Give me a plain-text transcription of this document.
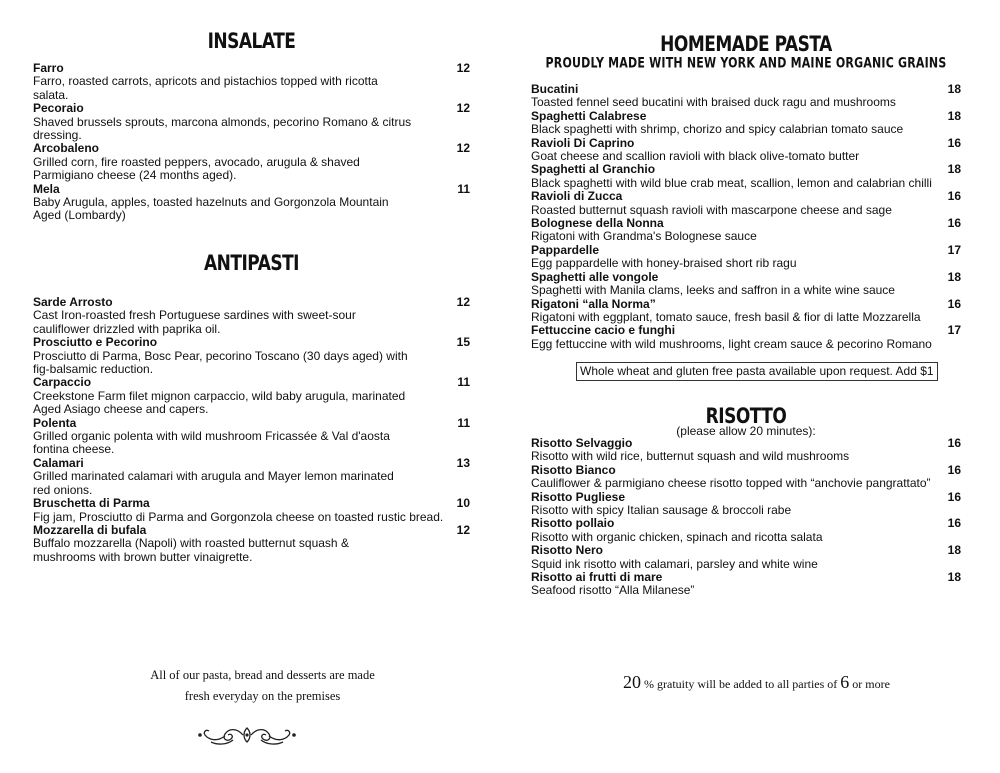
INSALATE
Farro	12
Farro, roasted carrots, apricots and pistachios topped with ricotta salata.
Pecoraio	12
Shaved brussels sprouts, marcona almonds, pecorino Romano & citrus dressing.
Arcobaleno	12
Grilled corn, fire roasted peppers, avocado, arugula & shaved Parmigiano cheese (24 months aged).
Mela	11
Baby Arugula, apples, toasted hazelnuts and Gorgonzola Mountain Aged (Lombardy)
ANTIPASTI
Sarde Arrosto	12
Cast Iron-roasted fresh Portuguese sardines with sweet-sour cauliflower drizzled with paprika oil.
Prosciutto e Pecorino	15
Prosciutto di Parma, Bosc Pear, pecorino Toscano (30 days aged) with fig-balsamic reduction.
Carpaccio	11
Creekstone Farm filet mignon carpaccio, wild baby arugula, marinated Aged Asiago cheese and capers.
Polenta	11
Grilled organic polenta with wild mushroom Fricassée & Val d'aosta fontina cheese.
Calamari	13
Grilled marinated calamari with arugula and Mayer lemon marinated red onions.
Bruschetta di Parma	10
Fig jam, Prosciutto di Parma and Gorgonzola cheese on toasted rustic bread.
Mozzarella di bufala	12
Buffalo mozzarella (Napoli) with roasted butternut squash & mushrooms with brown butter vinaigrette.
HOMEMADE PASTA
PROUDLY MADE WITH NEW YORK AND MAINE ORGANIC GRAINS
Bucatini	18
Toasted fennel seed bucatini with braised duck ragu and mushrooms
Spaghetti Calabrese	18
Black spaghetti with shrimp, chorizo and spicy calabrian tomato sauce
Ravioli Di Caprino	16
Goat cheese and scallion ravioli with black olive-tomato butter
Spaghetti al Granchio	18
Black spaghetti with wild blue crab meat, scallion, lemon and calabrian chilli
Ravioli di Zucca	16
Roasted butternut squash ravioli with mascarpone cheese and sage
Bolognese della Nonna	16
Rigatoni with Grandma's Bolognese sauce
Pappardelle	17
Egg pappardelle with honey-braised short rib ragu
Spaghetti alle vongole	18
Spaghetti with Manila clams, leeks and saffron in a white wine sauce
Rigatoni “alla Norma”	16
Rigatoni with eggplant, tomato sauce, fresh basil & fior di latte Mozzarella
Fettuccine cacio e funghi	17
Egg fettuccine with wild mushrooms, light cream sauce & pecorino Romano
Whole wheat and gluten free pasta available upon request. Add $1
RISOTTO
(please allow 20 minutes):
Risotto Selvaggio	16
Risotto with wild rice, butternut squash and wild mushrooms
Risotto Bianco	16
Cauliflower & parmigiano cheese risotto topped with “anchovie pangrattato”
Risotto Pugliese	16
Risotto with spicy Italian sausage & broccoli rabe
Risotto pollaio	16
Risotto with organic chicken, spinach and ricotta salata
Risotto Nero	18
Squid ink risotto with calamari, parsley and white wine
Risotto ai frutti di mare	18
Seafood risotto “Alla Milanese”
All of our pasta, bread and desserts are made
fresh everyday on the premises
20 % gratuity will be added to all parties of 6 or more
